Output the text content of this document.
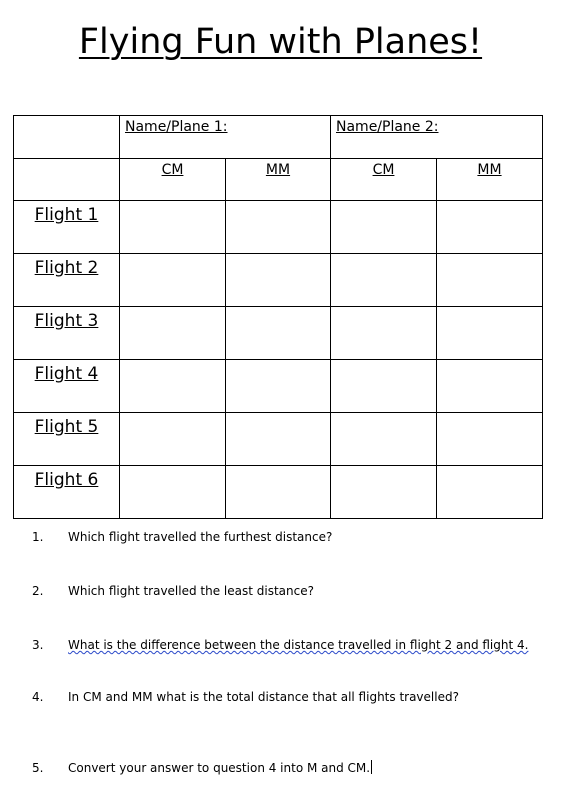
Flying Fun with Planes!
	Name/Plane 1:		Name/Plane 2:	
	CM	MM	CM	MM
Flight 1				
Flight 2				
Flight 3				
Flight 4				
Flight 5				
Flight 6				
1. Which flight travelled the furthest distance?
2. Which flight travelled the least distance?
3. What is the difference between the distance travelled in flight 2 and flight 4.
4. In CM and MM what is the total distance that all flights travelled?
5. Convert your answer to question 4 into M and CM.
